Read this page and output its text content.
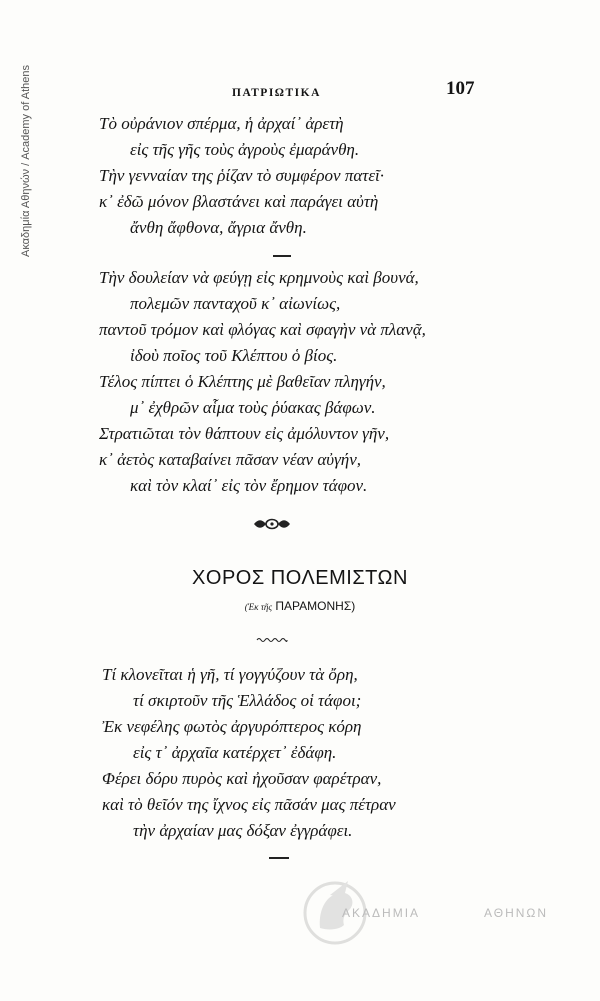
Ακαδημία Αθηνών / Academy of Athens	ΠΑΤΡΙΩΤΙΚΑ	107
Τὸ οὐράνιον σπέρμα, ἡ ἀρχαί᾽ ἀρετὴ
εἰς τῆς γῆς τοὺς ἀγροὺς ἐμαράνθη.
Τὴν γενναίαν της ῥίζαν τὸ συμφέρον πατεῖ·
κ᾽ ἐδῶ μόνον βλαστάνει καὶ παράγει αὐτὴ
ἄνθη ἄφθονα, ἄγρια ἄνθη.
Τὴν δουλείαν νὰ φεύγῃ εἰς κρημνοὺς καὶ βουνά,
πολεμῶν πανταχοῦ κ᾽ αἰωνίως,
παντοῦ τρόμον καὶ φλόγας καὶ σφαγὴν νὰ πλανᾷ,
ἰδοὺ ποῖος τοῦ Κλέπτου ὁ βίος.
Τέλος πίπτει ὁ Κλέπτης μὲ βαθεῖαν πληγήν,
μ᾽ ἐχθρῶν αἷμα τοὺς ῥύακας βάφων.
Στρατιῶται τὸν θάπτουν εἰς ἀμόλυντον γῆν,
κ᾽ ἀετὸς καταβαίνει πᾶσαν νέαν αὐγήν,
καὶ τὸν κλαί᾽ εἰς τὸν ἔρημον τάφον.
ΧΟΡΟΣ ΠΟΛΕΜΙΣΤΩΝ
(Ἐκ τῆς ΠΑΡΑΜΟΝΗΣ)
Τί κλονεῖται ἡ γῆ, τί γογγύζουν τὰ ὄρη,
τί σκιρτοῦν τῆς Ἑλλάδος οἱ τάφοι;
Ἐκ νεφέλης φωτὸς ἀργυρόπτερος κόρη
εἰς τ᾽ ἀρχαῖα κατέρχετ᾽ ἐδάφη.
Φέρει δόρυ πυρὸς καὶ ἠχοῦσαν φαρέτραν,
καὶ τὸ θεῖόν της ἴχνος εἰς πᾶσάν μας πέτραν
τὴν ἀρχαίαν μας δόξαν ἐγγράφει.
ΑΚΑΔΗΜΙΑ	ΑΘΗΝΩΝ
